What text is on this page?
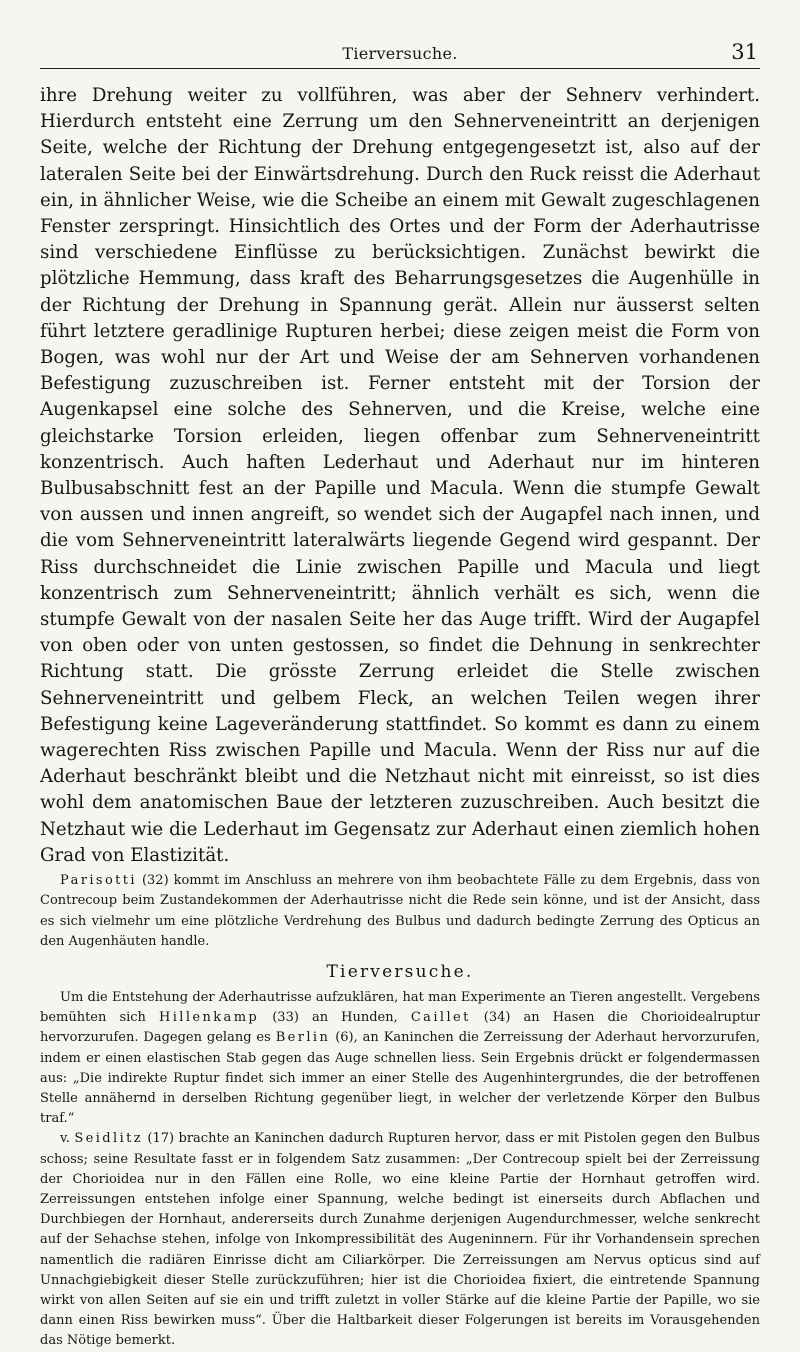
Tierversuche.	31

ihre Drehung weiter zu vollführen, was aber der Sehnerv verhindert. Hierdurch entsteht eine Zerrung um den Sehnerveneintritt an derjenigen Seite, welche der Richtung der Drehung entgegengesetzt ist, also auf der lateralen Seite bei der Einwärtsdrehung. Durch den Ruck reisst die Aderhaut ein, in ähnlicher Weise, wie die Scheibe an einem mit Gewalt zugeschlagenen Fenster zerspringt. Hinsichtlich des Ortes und der Form der Aderhautrisse sind verschiedene Einflüsse zu berücksichtigen. Zunächst bewirkt die plötzliche Hemmung, dass kraft des Beharrungsgesetzes die Augenhülle in der Richtung der Drehung in Spannung gerät. Allein nur äusserst selten führt letztere geradlinige Rupturen herbei; diese zeigen meist die Form von Bogen, was wohl nur der Art und Weise der am Sehnerven vorhandenen Befestigung zuzuschreiben ist. Ferner entsteht mit der Torsion der Augenkapsel eine solche des Sehnerven, und die Kreise, welche eine gleichstarke Torsion erleiden, liegen offenbar zum Sehnerveneintritt konzentrisch. Auch haften Lederhaut und Aderhaut nur im hinteren Bulbusabschnitt fest an der Papille und Macula. Wenn die stumpfe Gewalt von aussen und innen angreift, so wendet sich der Augapfel nach innen, und die vom Sehnerveneintritt lateralwärts liegende Gegend wird gespannt. Der Riss durchschneidet die Linie zwischen Papille und Macula und liegt konzentrisch zum Sehnerveneintritt; ähnlich verhält es sich, wenn die stumpfe Gewalt von der nasalen Seite her das Auge trifft. Wird der Augapfel von oben oder von unten gestossen, so findet die Dehnung in senkrechter Richtung statt. Die grösste Zerrung erleidet die Stelle zwischen Sehnerveneintritt und gelbem Fleck, an welchen Teilen wegen ihrer Befestigung keine Lageveränderung stattfindet. So kommt es dann zu einem wagerechten Riss zwischen Papille und Macula. Wenn der Riss nur auf die Aderhaut beschränkt bleibt und die Netzhaut nicht mit einreisst, so ist dies wohl dem anatomischen Baue der letzteren zuzuschreiben. Auch besitzt die Netzhaut wie die Lederhaut im Gegensatz zur Aderhaut einen ziemlich hohen Grad von Elastizität.

Parisotti (32) kommt im Anschluss an mehrere von ihm beobachtete Fälle zu dem Ergebnis, dass von Contrecoup beim Zustandekommen der Aderhautrisse nicht die Rede sein könne, und ist der Ansicht, dass es sich vielmehr um eine plötzliche Verdrehung des Bulbus und dadurch bedingte Zerrung des Opticus an den Augenhäuten handle.

Tierversuche.

Um die Entstehung der Aderhautrisse aufzuklären, hat man Experimente an Tieren angestellt. Vergebens bemühten sich Hillenkamp (33) an Hunden, Caillet (34) an Hasen die Chorioidealruptur hervorzurufen. Dagegen gelang es Berlin (6), an Kaninchen die Zerreissung der Aderhaut hervorzurufen, indem er einen elastischen Stab gegen das Auge schnellen liess. Sein Ergebnis drückt er folgendermassen aus: „Die indirekte Ruptur findet sich immer an einer Stelle des Augenhintergrundes, die der betroffenen Stelle annähernd in derselben Richtung gegenüber liegt, in welcher der verletzende Körper den Bulbus traf.“

v. Seidlitz (17) brachte an Kaninchen dadurch Rupturen hervor, dass er mit Pistolen gegen den Bulbus schoss; seine Resultate fasst er in folgendem Satz zusammen: „Der Contrecoup spielt bei der Zerreissung der Chorioidea nur in den Fällen eine Rolle, wo eine kleine Partie der Hornhaut getroffen wird. Zerreissungen entstehen infolge einer Spannung, welche bedingt ist einerseits durch Abflachen und Durchbiegen der Hornhaut, andererseits durch Zunahme derjenigen Augendurchmesser, welche senkrecht auf der Sehachse stehen, infolge von Inkompressibilität des Augeninnern. Für ihr Vorhandensein sprechen namentlich die radiären Einrisse dicht am Ciliarkörper. Die Zerreissungen am Nervus opticus sind auf Unnachgiebigkeit dieser Stelle zurückzuführen; hier ist die Chorioidea fixiert, die eintretende Spannung wirkt von allen Seiten auf sie ein und trifft zuletzt in voller Stärke auf die kleine Partie der Papille, wo sie dann einen Riss bewirken muss“. Über die Haltbarkeit dieser Folgerungen ist bereits im Vorausgehenden das Nötige bemerkt.
